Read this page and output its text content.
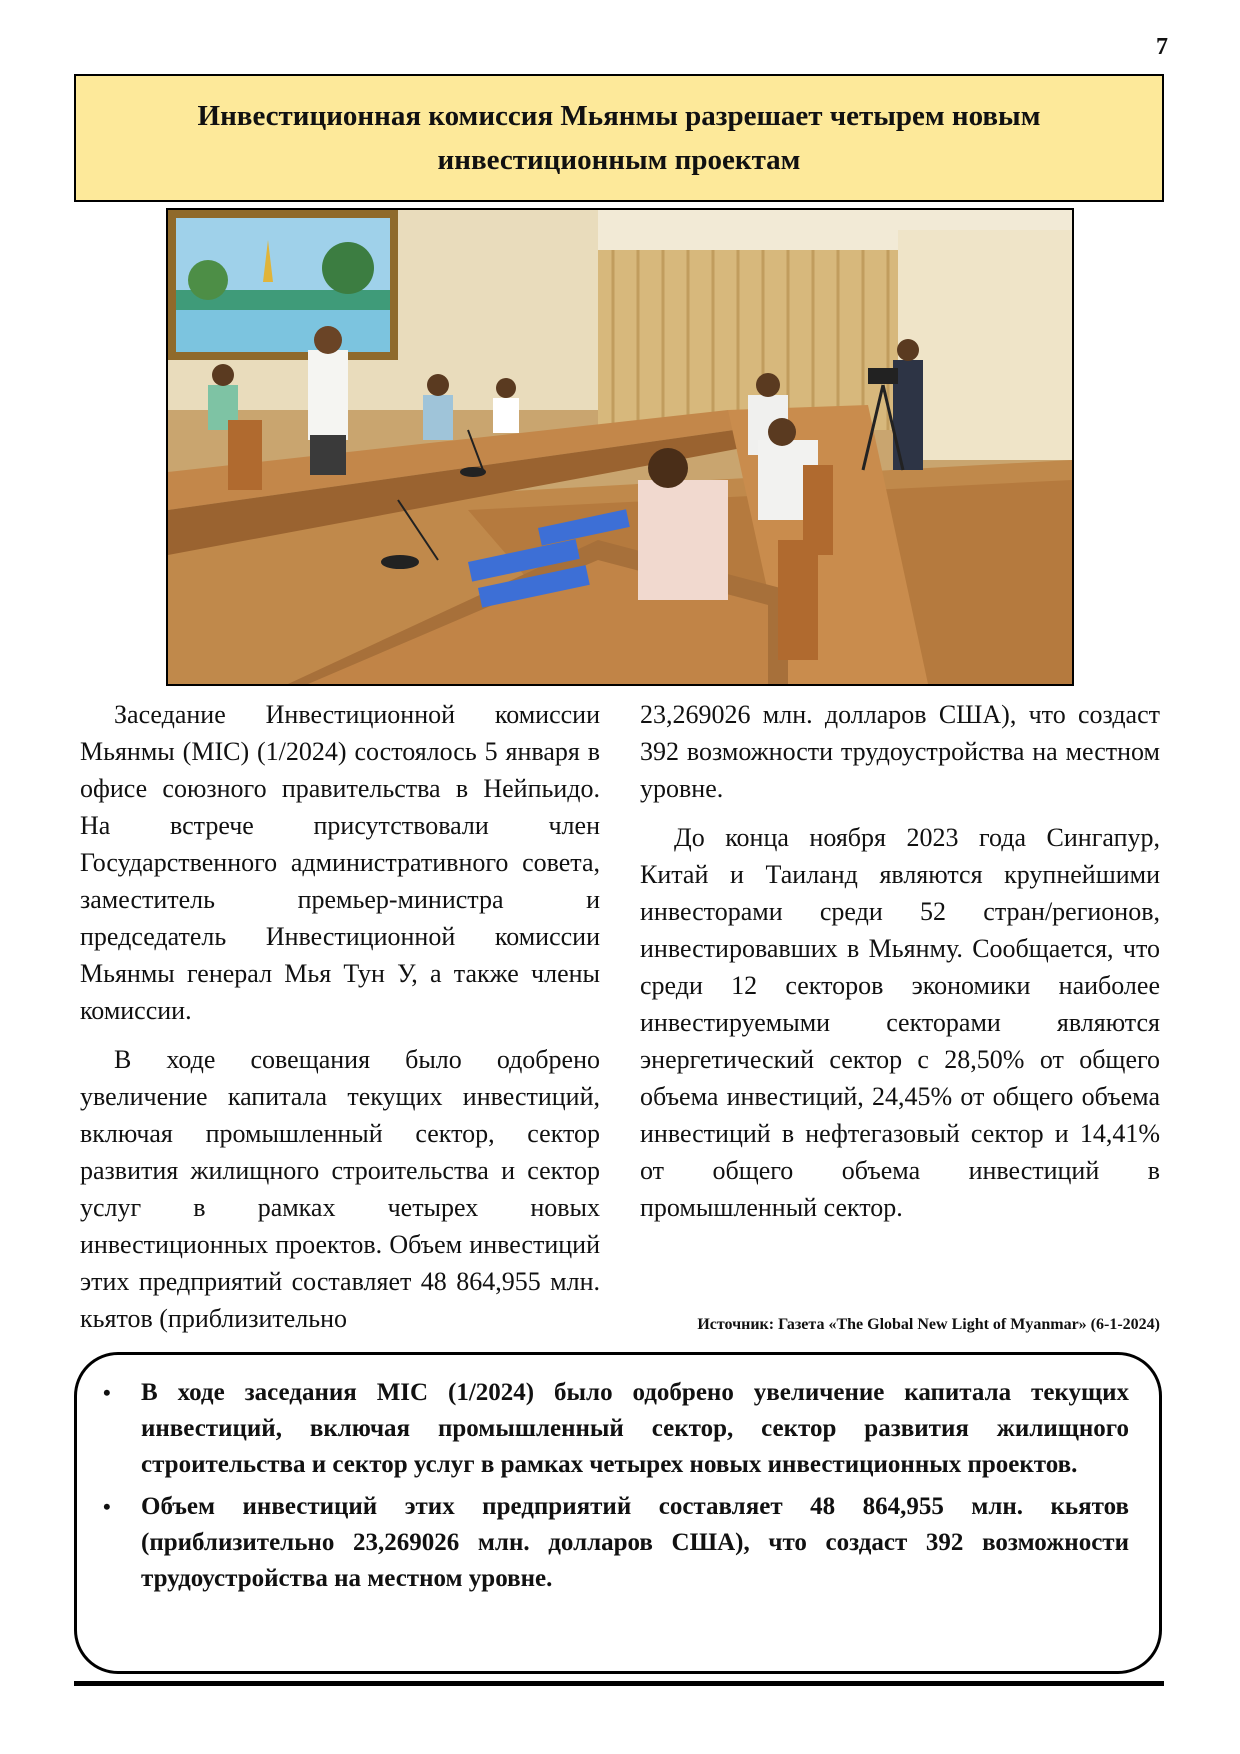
7
Инвестиционная комиссия Мьянмы разрешает четырем новым инвестиционным проектам

Заседание Инвестиционной комиссии Мьянмы (MIC) (1/2024) состоялось 5 января в офисе союзного правительства в Нейпьидо. На встрече присутствовали член Государственного административного совета, заместитель премьер-министра и председатель Инвестиционной комиссии Мьянмы генерал Мья Тун У, а также члены комиссии.

В ходе совещания было одобрено увеличение капитала текущих инвестиций, включая промышленный сектор, сектор развития жилищного строительства и сектор услуг в рамках четырех новых инвестиционных проектов. Объем инвестиций этих предприятий составляет 48 864,955 млн. кьятов (приблизительно

23,269026 млн. долларов США), что создаст 392 возможности трудоустройства на местном уровне.

До конца ноября 2023 года Сингапур, Китай и Таиланд являются крупнейшими инвесторами среди 52 стран/регионов, инвестировавших в Мьянму. Сообщается, что среди 12 секторов экономики наиболее инвестируемыми секторами являются энергетический сектор с 28,50% от общего объема инвестиций, 24,45% от общего объема инвестиций в нефтегазовый сектор и 14,41% от общего объема инвестиций в промышленный сектор.

Источник: Газета «The Global New Light of Myanmar» (6-1-2024)
• В ходе заседания MIC (1/2024) было одобрено увеличение капитала текущих инвестиций, включая промышленный сектор, сектор развития жилищного строительства и сектор услуг в рамках четырех новых инвестиционных проектов.
• Объем инвестиций этих предприятий составляет 48 864,955 млн. кьятов (приблизительно 23,269026 млн. долларов США), что создаст 392 возможности трудоустройства на местном уровне.
